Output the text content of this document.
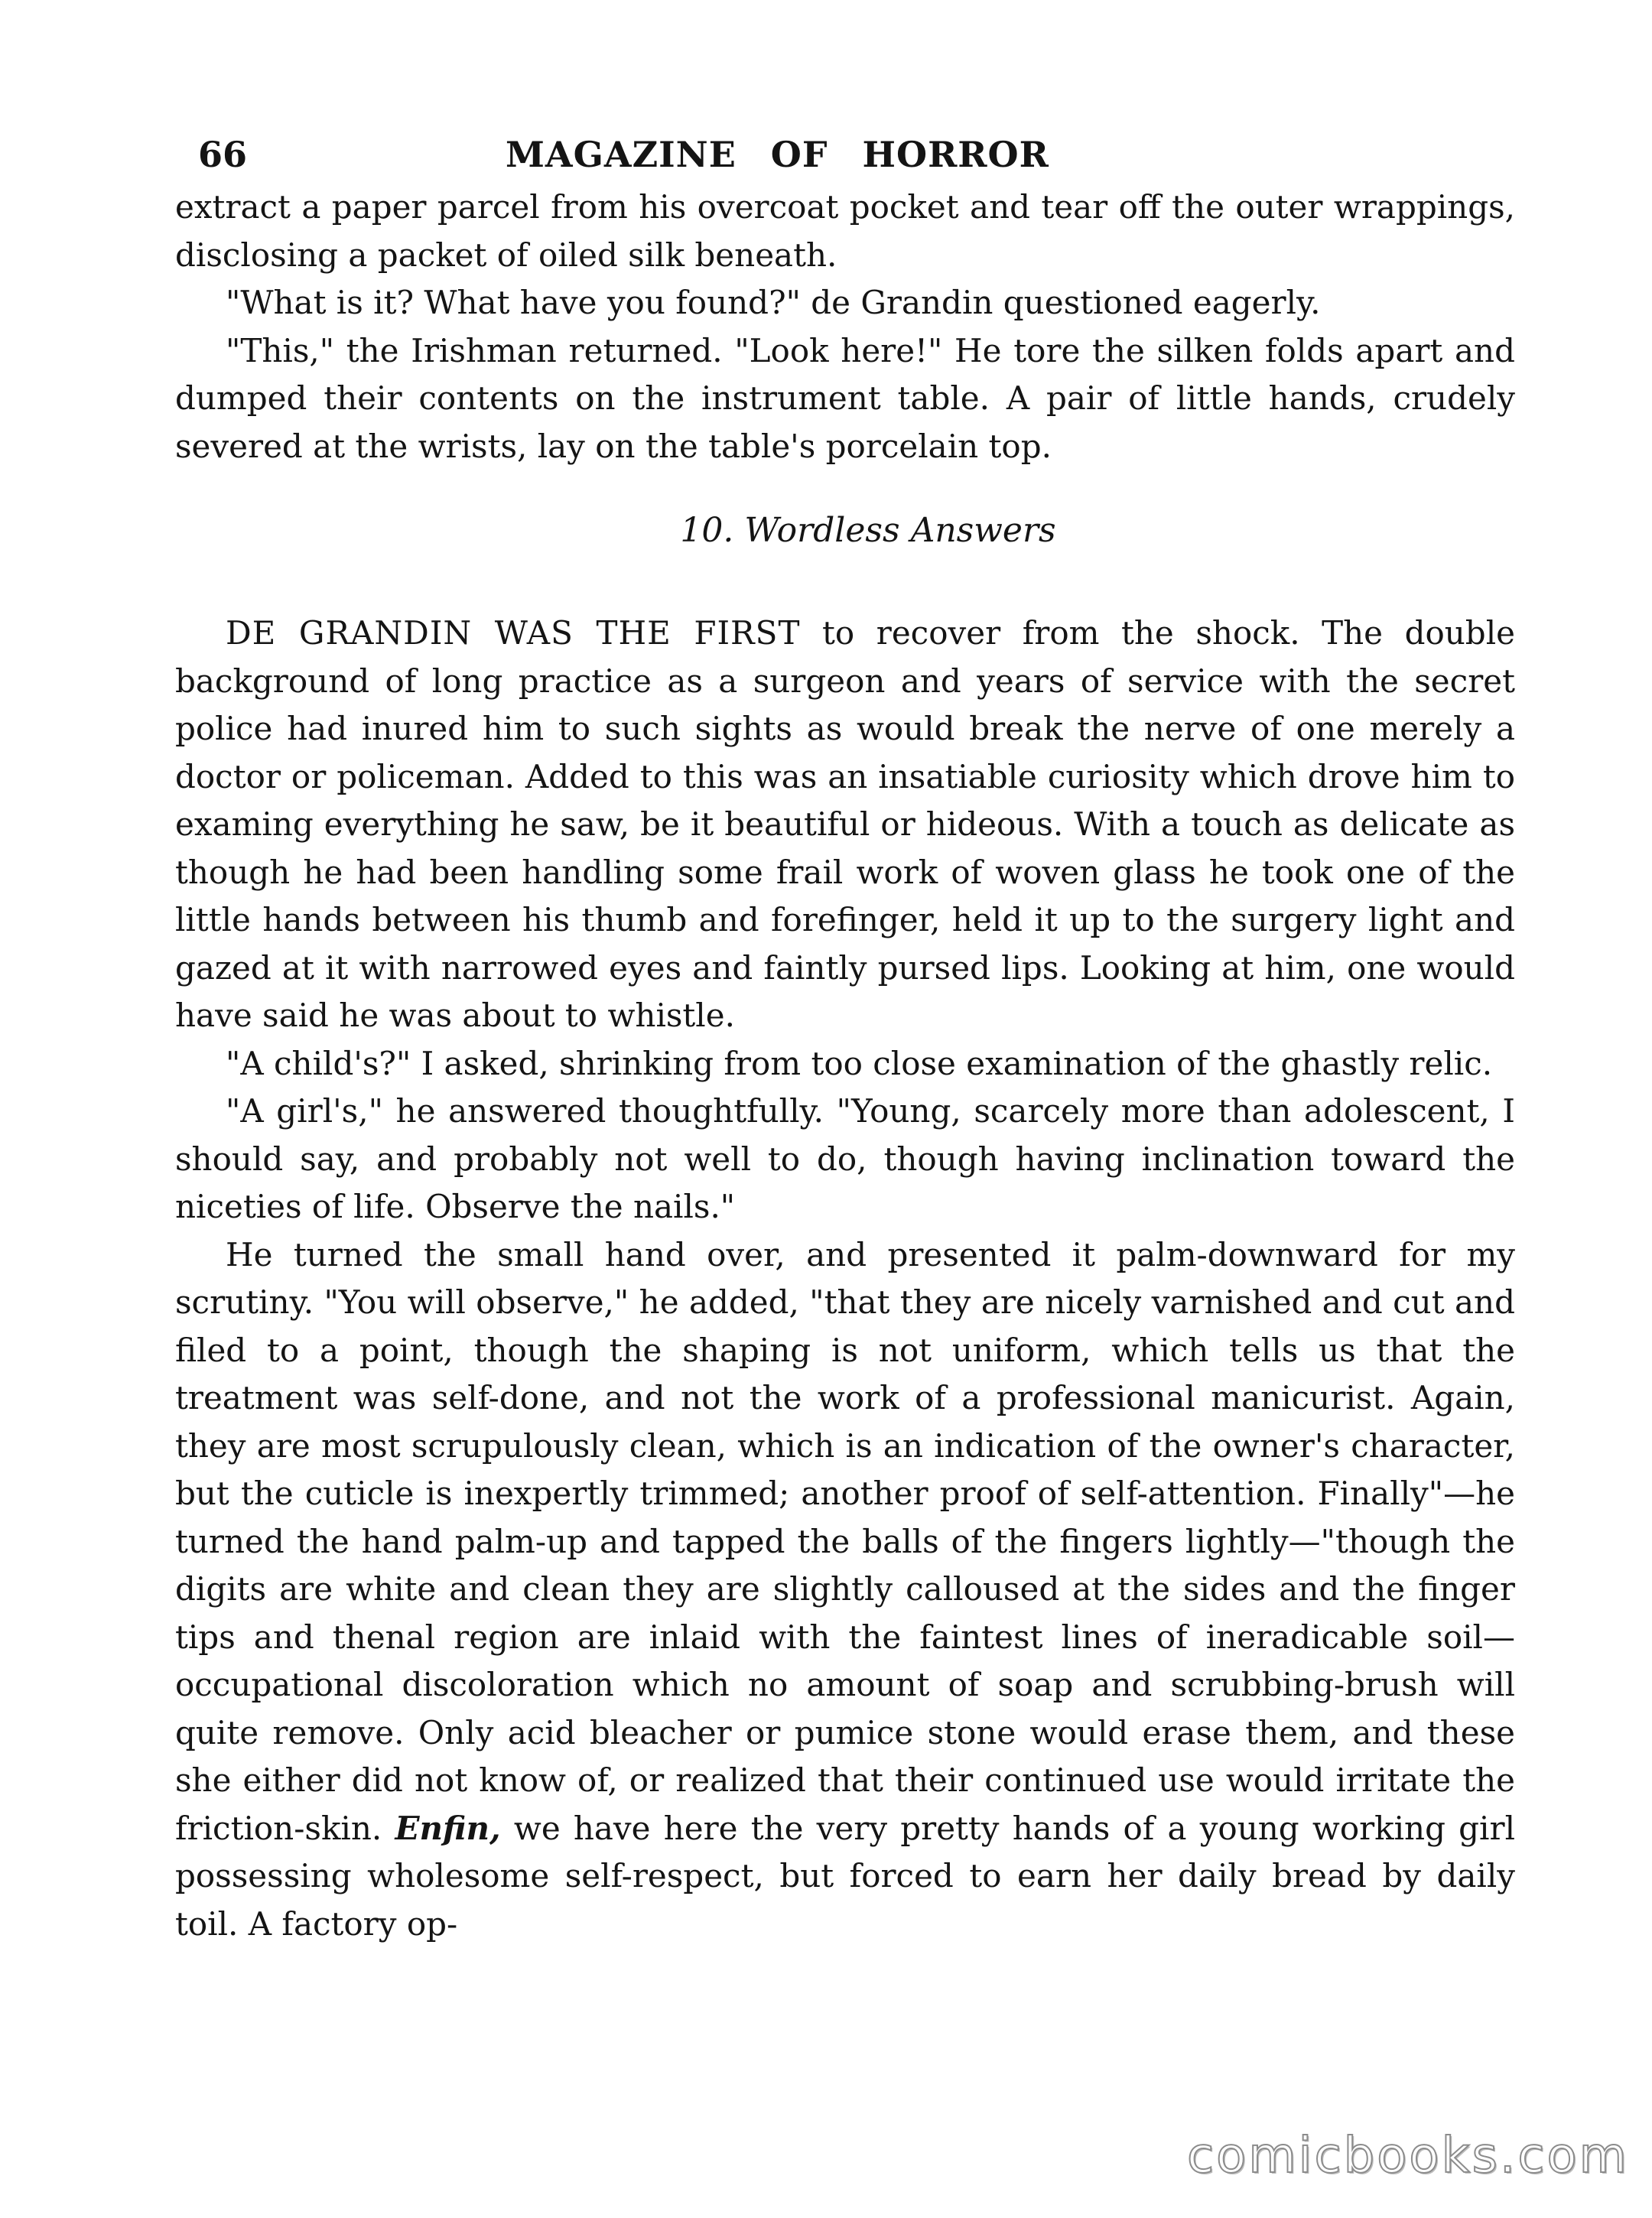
66	MAGAZINE OF HORROR

extract a paper parcel from his overcoat pocket and tear off the outer wrappings, disclosing a packet of oiled silk beneath.

"What is it? What have you found?" de Grandin questioned eagerly.

"This," the Irishman returned. "Look here!" He tore the silken folds apart and dumped their contents on the instrument table. A pair of little hands, crudely severed at the wrists, lay on the table's porcelain top.

10. Wordless Answers

DE GRANDIN WAS THE FIRST to recover from the shock. The double background of long practice as a surgeon and years of service with the secret police had inured him to such sights as would break the nerve of one merely a doctor or policeman. Added to this was an insatiable curiosity which drove him to examing everything he saw, be it beautiful or hideous. With a touch as delicate as though he had been handling some frail work of woven glass he took one of the little hands between his thumb and forefinger, held it up to the surgery light and gazed at it with narrowed eyes and faintly pursed lips. Looking at him, one would have said he was about to whistle.

"A child's?" I asked, shrinking from too close examination of the ghastly relic.

"A girl's," he answered thoughtfully. "Young, scarcely more than adolescent, I should say, and probably not well to do, though having inclination toward the niceties of life. Observe the nails."

He turned the small hand over, and presented it palm-downward for my scrutiny. "You will observe," he added, "that they are nicely varnished and cut and filed to a point, though the shaping is not uniform, which tells us that the treatment was self-done, and not the work of a professional manicurist. Again, they are most scrupulously clean, which is an indication of the owner's character, but the cuticle is inexpertly trimmed; another proof of self-attention. Finally"—he turned the hand palm-up and tapped the balls of the fingers lightly—"though the digits are white and clean they are slightly calloused at the sides and the finger tips and thenal region are inlaid with the faintest lines of ineradicable soil—occupational discoloration which no amount of soap and scrubbing-brush will quite remove. Only acid bleacher or pumice stone would erase them, and these she either did not know of, or realized that their continued use would irritate the friction-skin. Enfin, we have here the very pretty hands of a young working girl possessing wholesome self-respect, but forced to earn her daily bread by daily toil. A factory op-

comicbooks.com
